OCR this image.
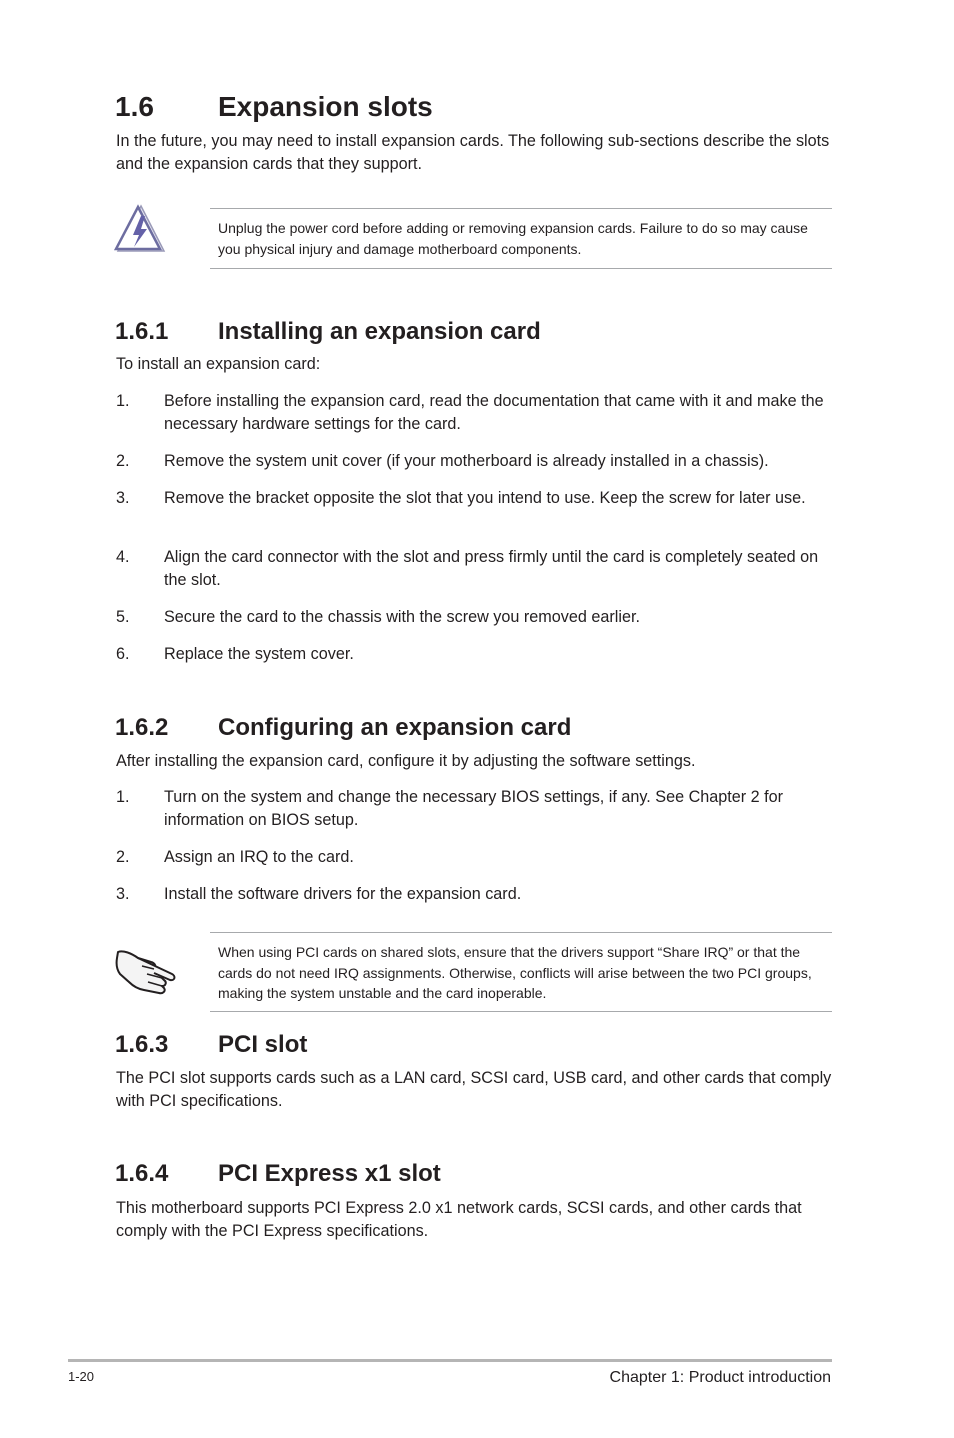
1.6 Expansion slots
In the future, you may need to install expansion cards. The following sub-sections describe the slots and the expansion cards that they support.
Unplug the power cord before adding or removing expansion cards. Failure to do so may cause you physical injury and damage motherboard components.
1.6.1 Installing an expansion card
To install an expansion card:
1. Before installing the expansion card, read the documentation that came with it and make the necessary hardware settings for the card.
2. Remove the system unit cover (if your motherboard is already installed in a chassis).
3. Remove the bracket opposite the slot that you intend to use. Keep the screw for later use.
4. Align the card connector with the slot and press firmly until the card is completely seated on the slot.
5. Secure the card to the chassis with the screw you removed earlier.
6. Replace the system cover.
1.6.2 Configuring an expansion card
After installing the expansion card, configure it by adjusting the software settings.
1. Turn on the system and change the necessary BIOS settings, if any. See Chapter 2 for information on BIOS setup.
2. Assign an IRQ to the card.
3. Install the software drivers for the expansion card.
When using PCI cards on shared slots, ensure that the drivers support “Share IRQ” or that the cards do not need IRQ assignments. Otherwise, conflicts will arise between the two PCI groups, making the system unstable and the card inoperable.
1.6.3 PCI slot
The PCI slot supports cards such as a LAN card, SCSI card, USB card, and other cards that comply with PCI specifications.
1.6.4 PCI Express x1 slot
This motherboard supports PCI Express 2.0 x1 network cards, SCSI cards, and other cards that comply with the PCI Express specifications.
1-20	Chapter 1: Product introduction
